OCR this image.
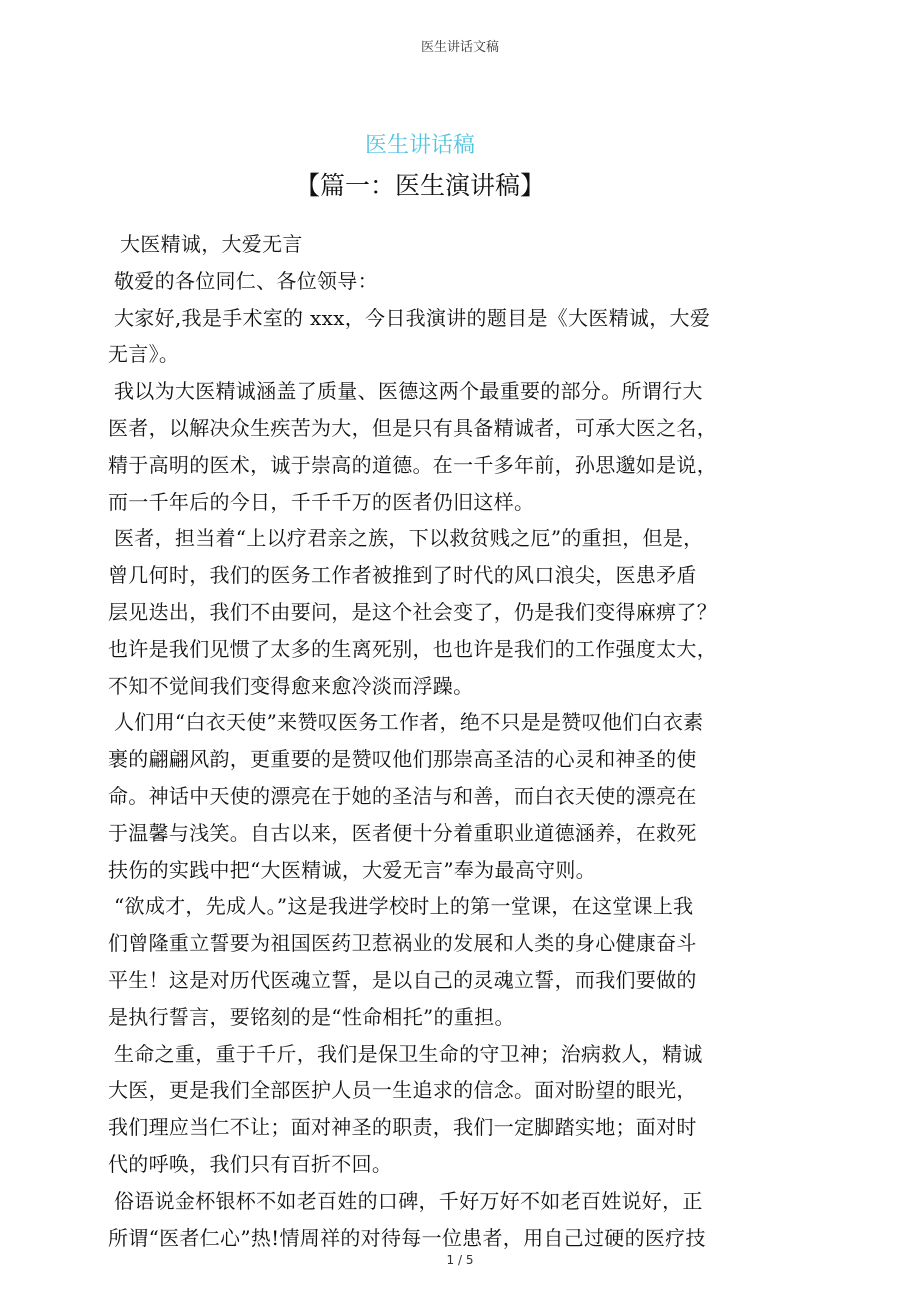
医生讲话文稿
医生讲话稿
【篇一：医生演讲稿】
大医精诚，大爱无言
敬爱的各位同仁、各位领导：
大家好,我是手术室的 xxx，今日我演讲的题目是《大医精诚，大爱
无言》。
我以为大医精诚涵盖了质量、医德这两个最重要的部分。所谓行大
医者，以解决众生疾苦为大，但是只有具备精诚者，可承大医之名，
精于高明的医术，诚于崇高的道德。在一千多年前，孙思邈如是说，
而一千年后的今日，千千千万的医者仍旧这样。
医者，担当着“上以疗君亲之族，下以救贫贱之厄”的重担，但是，
曾几何时，我们的医务工作者被推到了时代的风口浪尖，医患矛盾
层见迭出，我们不由要问，是这个社会变了，仍是我们变得麻痹了？
也许是我们见惯了太多的生离死别，也也许是我们的工作强度太大，
不知不觉间我们变得愈来愈冷淡而浮躁。
人们用“白衣天使”来赞叹医务工作者，绝不只是是赞叹他们白衣素
裹的翩翩风韵，更重要的是赞叹他们那崇高圣洁的心灵和神圣的使
命。神话中天使的漂亮在于她的圣洁与和善，而白衣天使的漂亮在
于温馨与浅笑。自古以来，医者便十分着重职业道德涵养，在救死
扶伤的实践中把“大医精诚，大爱无言”奉为最高守则。
“欲成才，先成人。”这是我进学校时上的第一堂课，在这堂课上我
们曾隆重立誓要为祖国医药卫惹祸业的发展和人类的身心健康奋斗
平生！这是对历代医魂立誓，是以自己的灵魂立誓，而我们要做的
是执行誓言，要铭刻的是“性命相托”的重担。
生命之重，重于千斤，我们是保卫生命的守卫神；治病救人，精诚
大医，更是我们全部医护人员一生追求的信念。面对盼望的眼光，
我们理应当仁不让；面对神圣的职责，我们一定脚踏实地；面对时
代的呼唤，我们只有百折不回。
俗语说金杯银杯不如老百姓的口碑，千好万好不如老百姓说好，正
所谓“医者仁心”热!情周祥的对待每一位患者，用自己过硬的医疗技
1 / 5
